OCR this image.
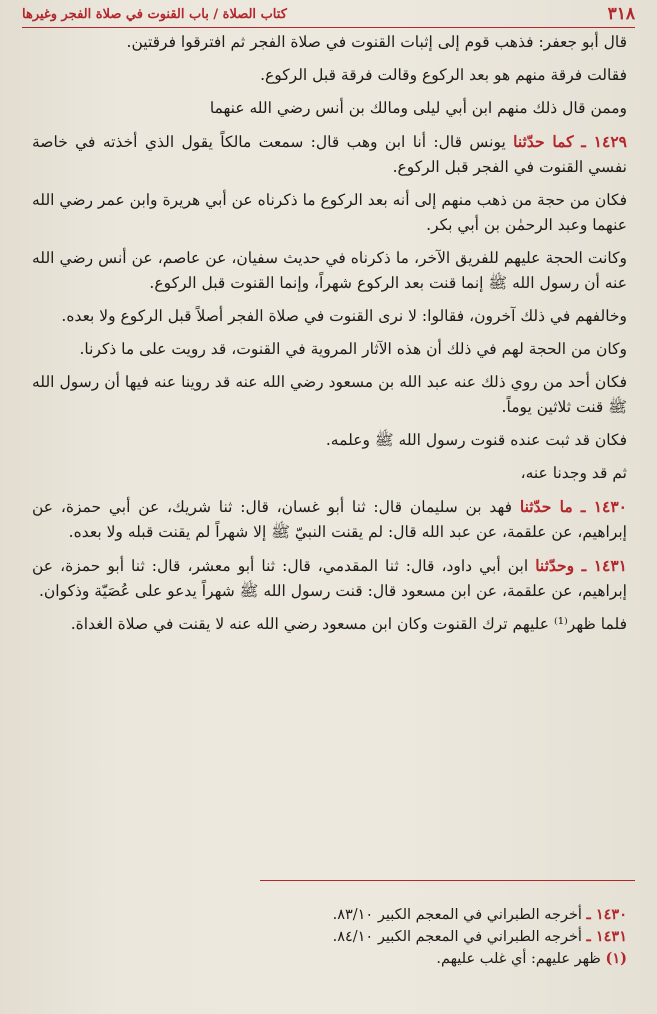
٣١٨
كتاب الصلاة / باب القنوت في صلاة الفجر وغيرها

قال أبو جعفر: فذهب قوم إلى إثبات القنوت في صلاة الفجر ثم افترقوا فرقتين.

فقالت فرقة منهم هو بعد الركوع وقالت فرقة قبل الركوع.

وممن قال ذلك منهم ابن أبي ليلى ومالك بن أنس رضي الله عنهما

١٤٢٩ ـ كما حدّثنا يونس قال: أنا ابن وهب قال: سمعت مالكاً يقول الذي أخذته في خاصة نفسي القنوت في الفجر قبل الركوع.

فكان من حجة من ذهب منهم إلى أنه بعد الركوع ما ذكرناه عن أبي هريرة وابن عمر رضي الله عنهما وعبد الرحمٰن بن أبي بكر.

وكانت الحجة عليهم للفريق الآخر، ما ذكرناه في حديث سفيان، عن عاصم، عن أنس رضي الله عنه أن رسول الله ﷺ إنما قنت بعد الركوع شهراً، وإنما القنوت قبل الركوع.

وخالفهم في ذلك آخرون، فقالوا: لا نرى القنوت في صلاة الفجر أصلاً قبل الركوع ولا بعده.

وكان من الحجة لهم في ذلك أن هذه الآثار المروية في القنوت، قد رويت على ما ذكرنا.

فكان أحد من روي ذلك عنه عبد الله بن مسعود رضي الله عنه قد روينا عنه فيها أن رسول الله ﷺ قنت ثلاثين يوماً.

فكان قد ثبت عنده قنوت رسول الله ﷺ وعلمه.

ثم قد وجدنا عنه،

١٤٣٠ ـ ما حدّثنا فهد بن سليمان قال: ثنا أبو غسان، قال: ثنا شريك، عن أبي حمزة، عن إبراهيم، عن علقمة، عن عبد الله قال: لم يقنت النبيّ ﷺ إلا شهراً لم يقنت قبله ولا بعده.

١٤٣١ ـ وحدّثنا ابن أبي داود، قال: ثنا المقدمي، قال: ثنا أبو معشر، قال: ثنا أبو حمزة، عن إبراهيم، عن علقمة، عن ابن مسعود قال: قنت رسول الله ﷺ شهراً يدعو على عُصَيّة وذكوان.

فلما ظهر⁽¹⁾ عليهم ترك القنوت وكان ابن مسعود رضي الله عنه لا يقنت في صلاة الغداة.

١٤٣٠ ـ أخرجه الطبراني في المعجم الكبير ٨٣/١٠.
١٤٣١ ـ أخرجه الطبراني في المعجم الكبير ٨٤/١٠.
(١) ظهر عليهم: أي غلب عليهم.
